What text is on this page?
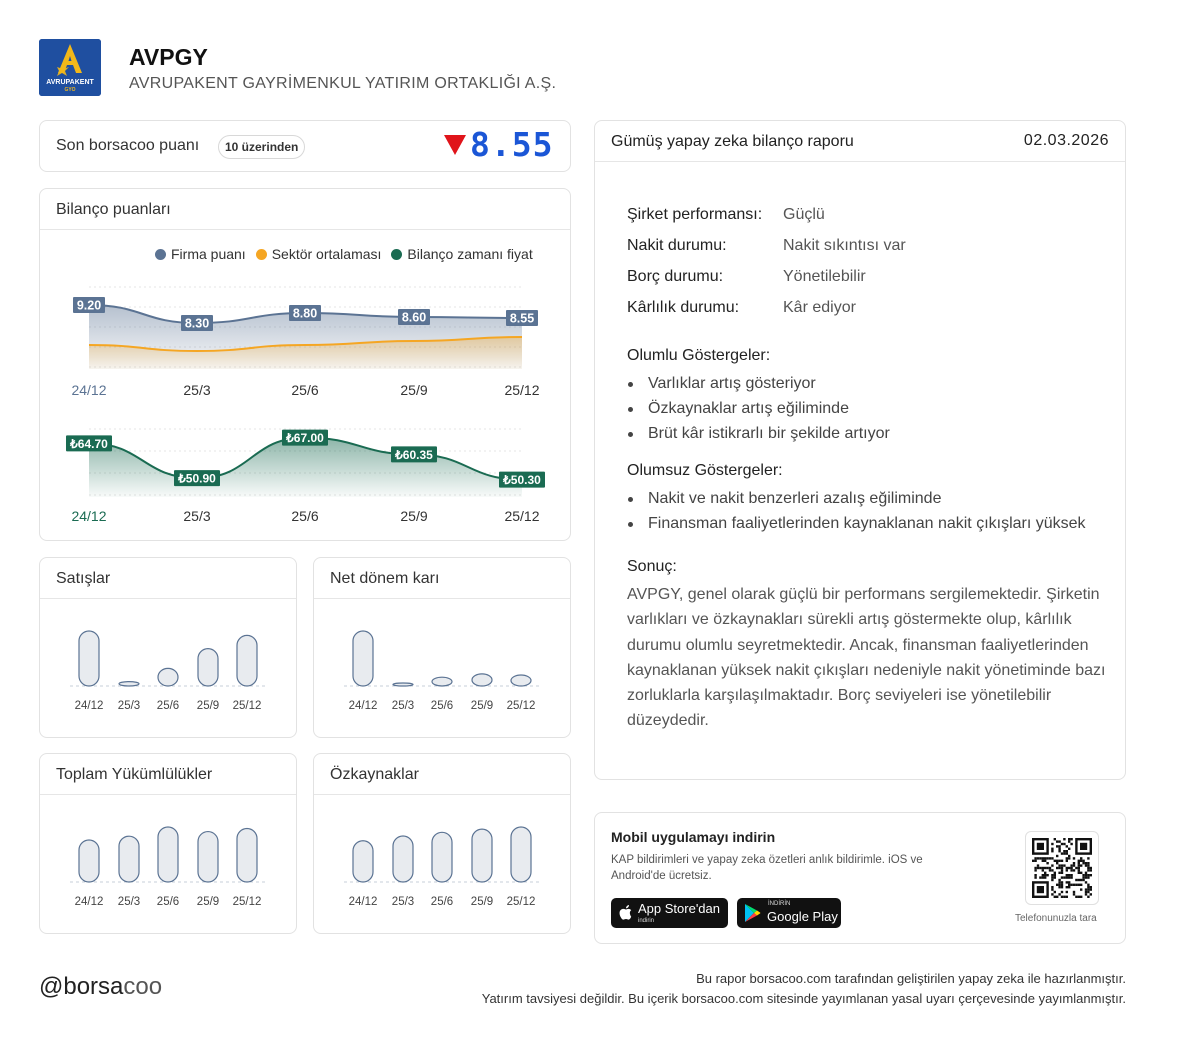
AVRUPAKENT
GYO
AVPGY
AVRUPAKENT GAYRİMENKUL YATIRIM ORTAKLIĞI A.Ş.
Son borsacoo puanı	10 üzerinden	8.55
Bilanço puanları
Firma puanı Sektör ortalaması Bilanço zamanı fiyat
9.20
8.30
8.80	8.60	8.55
24/12	25/3	25/6	25/9	25/12
₺64.70
₺50.90
₺67.00
₺60.35
₺50.30
24/12	25/3	25/6	25/9	25/12
Satışlar
24/12 25/3 25/6 25/9 25/12
Net dönem karı
24/12 25/3 25/6 25/9 25/12
Toplam Yükümlülükler
24/12 25/3 25/6 25/9 25/12
Özkaynaklar
24/12 25/3 25/6 25/9 25/12
Gümüş yapay zeka bilanço raporu	02.03.2026
Şirket performansı:	Güçlü
Nakit durumu:	Nakit sıkıntısı var
Borç durumu:	Yönetilebilir
Kârlılık durumu:	Kâr ediyor
Olumlu Göstergeler:
Varlıklar artış gösteriyor
Özkaynaklar artış eğiliminde
Brüt kâr istikrarlı bir şekilde artıyor
Olumsuz Göstergeler:
Nakit ve nakit benzerleri azalış eğiliminde
Finansman faaliyetlerinden kaynaklanan nakit çıkışları yüksek
Sonuç:
AVPGY, genel olarak güçlü bir performans sergilemektedir. Şirketin varlıkları ve özkaynakları sürekli artış göstermekte olup, kârlılık durumu olumlu seyretmektedir. Ancak, finansman faaliyetlerinden kaynaklanan yüksek nakit çıkışları nedeniyle nakit yönetiminde bazı zorluklarla karşılaşılmaktadır. Borç seviyeleri ise yönetilebilir düzeydedir.
Mobil uygulamayı indirin
KAP bildirimleri ve yapay zeka özetleri anlık bildirimle. iOS ve Android'de ücretsiz.
App Store'dan
indirin
İNDİRİN
Google Play	Telefonunuzla tara
@borsacoo	Bu rapor borsacoo.com tarafından geliştirilen yapay zeka ile hazırlanmıştır.
Yatırım tavsiyesi değildir. Bu içerik borsacoo.com sitesinde yayımlanan yasal uyarı çerçevesinde yayımlanmıştır.
